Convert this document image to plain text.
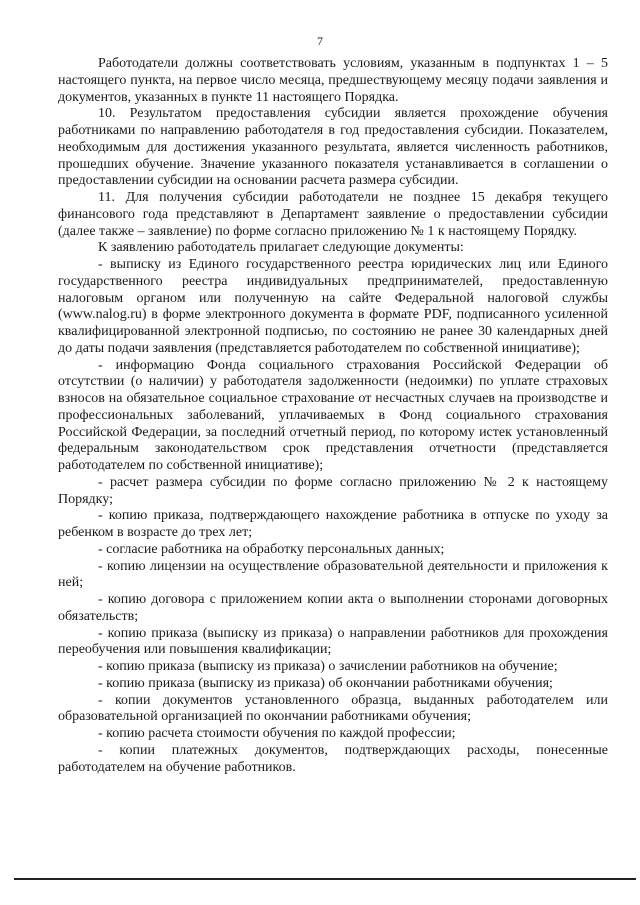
7

Работодатели должны соответствовать условиям, указанным в подпунктах 1 – 5 настоящего пункта, на первое число месяца, предшествующему месяцу подачи заявления и документов, указанных в пункте 11 настоящего Порядка.

10. Результатом предоставления субсидии является прохождение обучения работниками по направлению работодателя в год предоставления субсидии. Показателем, необходимым для достижения указанного результата, является численность работников, прошедших обучение. Значение указанного показателя устанавливается в соглашении о предоставлении субсидии на основании расчета размера субсидии.

11. Для получения субсидии работодатели не позднее 15 декабря текущего финансового года представляют в Департамент заявление о предоставлении субсидии (далее также – заявление) по форме согласно приложению № 1 к настоящему Порядку.

К заявлению работодатель прилагает следующие документы:

- выписку из Единого государственного реестра юридических лиц или Единого государственного реестра индивидуальных предпринимателей, предоставленную налоговым органом или полученную на сайте Федеральной налоговой службы (www.nalog.ru) в форме электронного документа в формате PDF, подписанного усиленной квалифицированной электронной подписью, по состоянию не ранее 30 календарных дней до даты подачи заявления (представляется работодателем по собственной инициативе);

- информацию Фонда социального страхования Российской Федерации об отсутствии (о наличии) у работодателя задолженности (недоимки) по уплате страховых взносов на обязательное социальное страхование от несчастных случаев на производстве и профессиональных заболеваний, уплачиваемых в Фонд социального страхования Российской Федерации, за последний отчетный период, по которому истек установленный федеральным законодательством срок представления отчетности (представляется работодателем по собственной инициативе);

- расчет размера субсидии по форме согласно приложению № 2 к настоящему Порядку;

- копию приказа, подтверждающего нахождение работника в отпуске по уходу за ребенком в возрасте до трех лет;

- согласие работника на обработку персональных данных;

- копию лицензии на осуществление образовательной деятельности и приложения к ней;

- копию договора с приложением копии акта о выполнении сторонами договорных обязательств;

- копию приказа (выписку из приказа) о направлении работников для прохождения переобучения или повышения квалификации;

- копию приказа (выписку из приказа) о зачислении работников на обучение;

- копию приказа (выписку из приказа) об окончании работниками обучения;

- копии документов установленного образца, выданных работодателем или образовательной организацией по окончании работниками обучения;

- копию расчета стоимости обучения по каждой профессии;

- копии платежных документов, подтверждающих расходы, понесенные работодателем на обучение работников.
